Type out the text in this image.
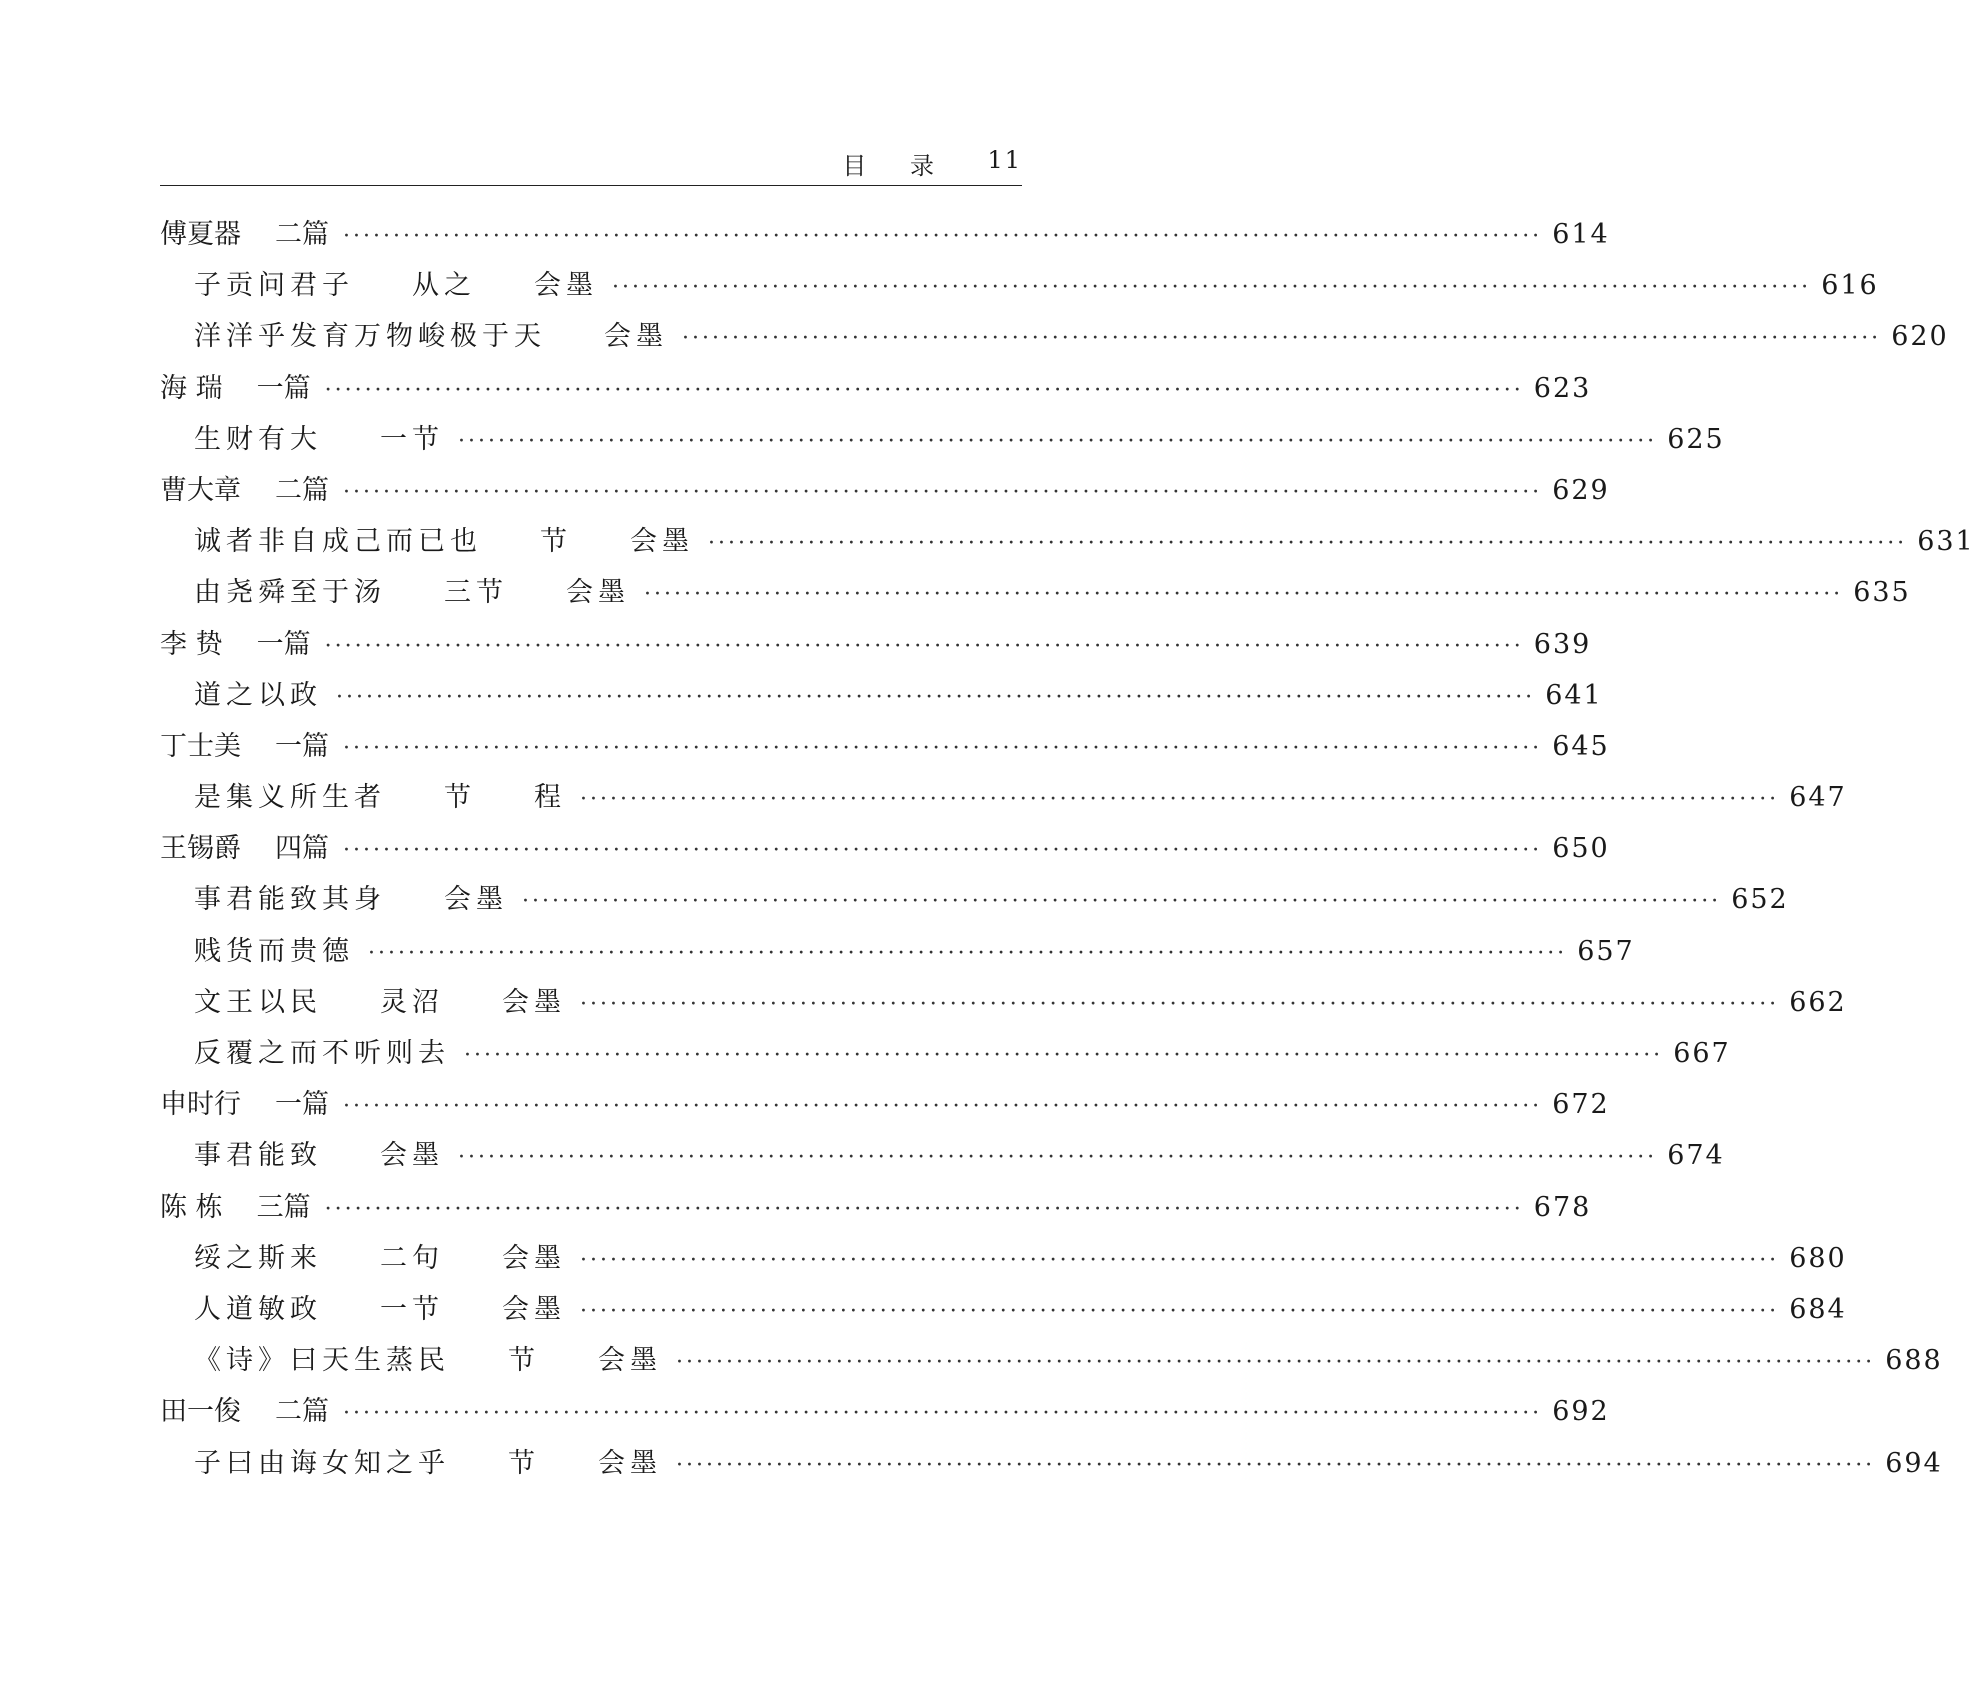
目 录 11
傅夏器 二篇 ························································································································ 614
子贡问君子 从之 会墨 ························································································································ 616
洋洋乎发育万物峻极于天 会墨 ························································································································ 620
海 瑞 一篇 ························································································································ 623
生财有大 一节 ························································································································ 625
曹大章 二篇 ························································································································ 629
诚者非自成己而已也 节 会墨 ························································································································ 631
由尧舜至于汤 三节 会墨 ························································································································ 635
李 贽 一篇 ························································································································ 639
道之以政 ························································································································ 641
丁士美 一篇 ························································································································ 645
是集义所生者 节 程 ························································································································ 647
王锡爵 四篇 ························································································································ 650
事君能致其身 会墨 ························································································································ 652
贱货而贵德 ························································································································ 657
文王以民 灵沼 会墨 ························································································································ 662
反覆之而不听则去 ························································································································ 667
申时行 一篇 ························································································································ 672
事君能致 会墨 ························································································································ 674
陈 栋 三篇 ························································································································ 678
绥之斯来 二句 会墨 ························································································································ 680
人道敏政 一节 会墨 ························································································································ 684
《诗》曰天生蒸民 节 会墨 ························································································································ 688
田一俊 二篇 ························································································································ 692
子曰由诲女知之乎 节 会墨 ························································································································ 694
